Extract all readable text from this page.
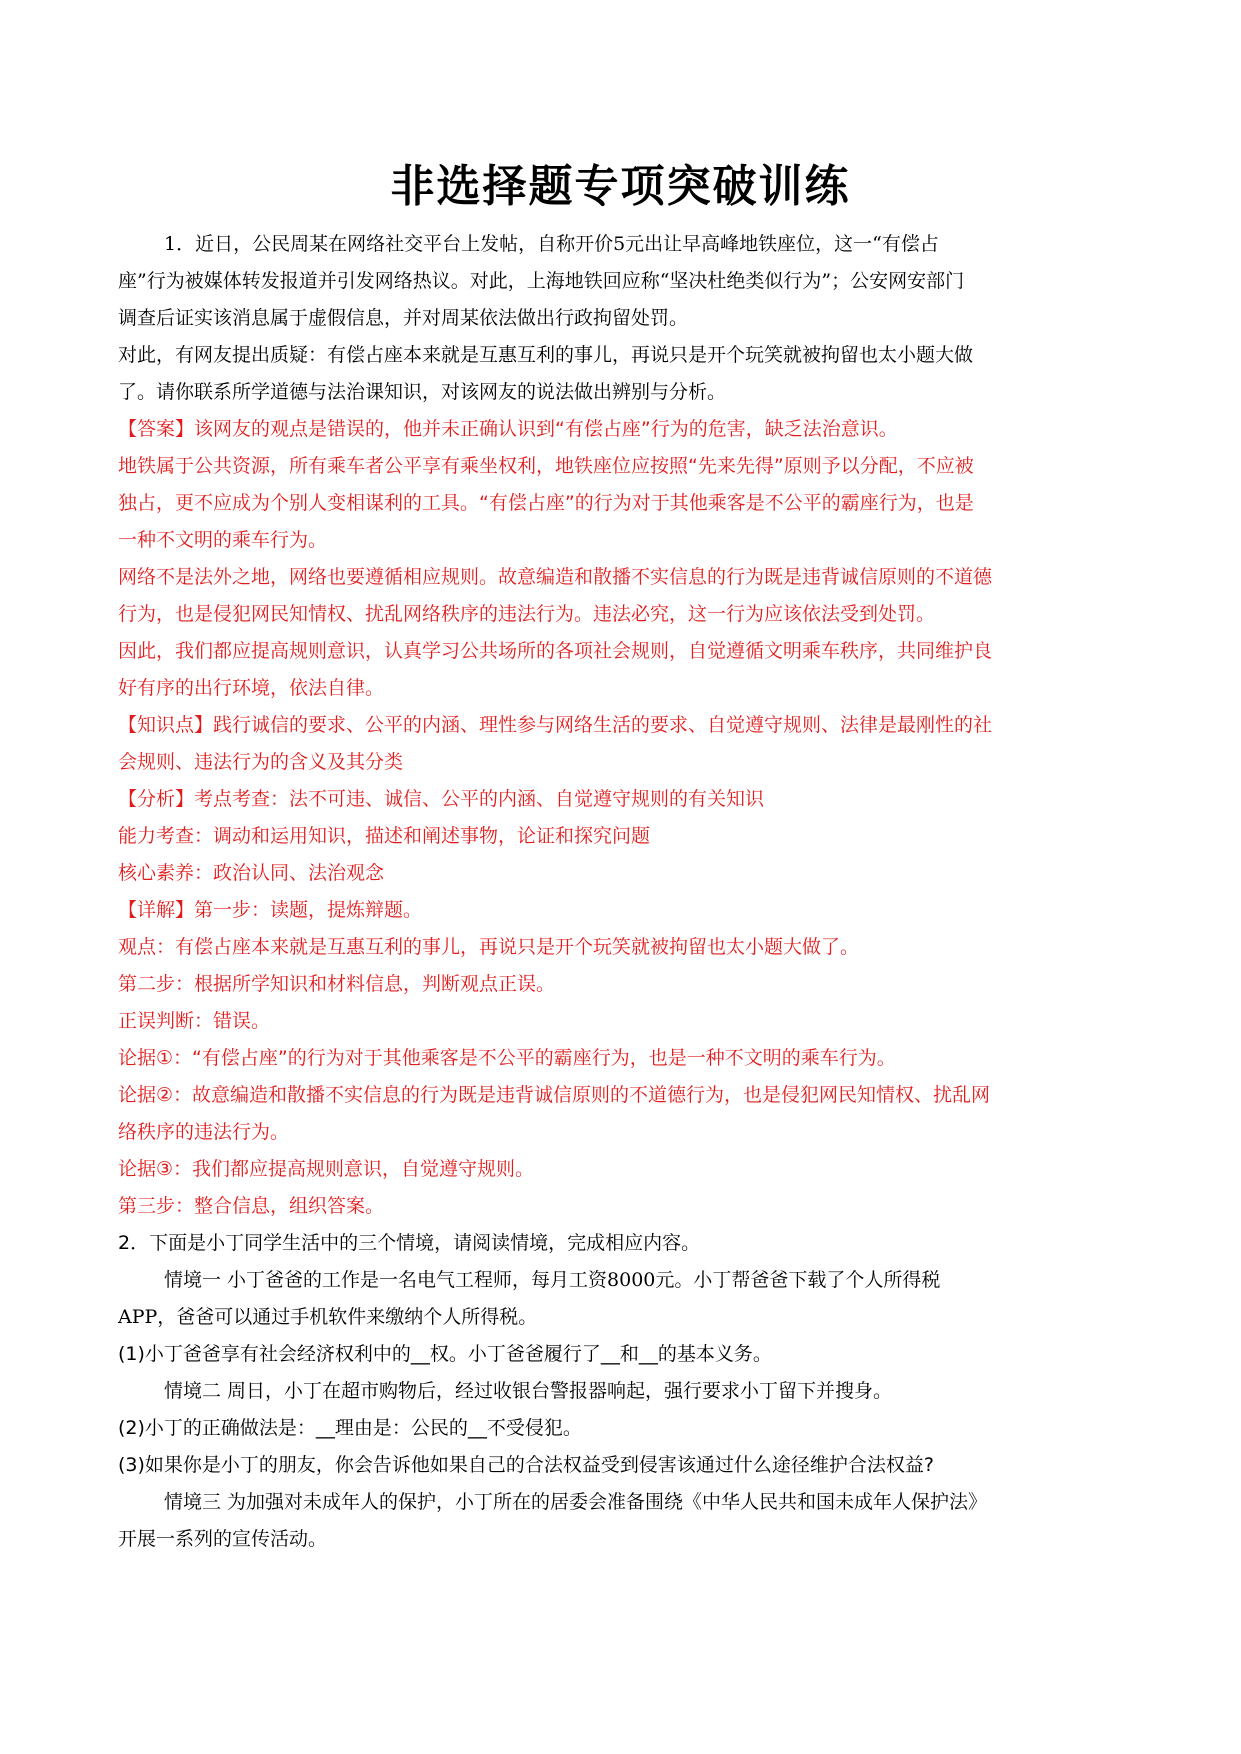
非选择题专项突破训练
1．近日，公民周某在网络社交平台上发帖，自称开价5元出让早高峰地铁座位，这一“有偿占
座”行为被媒体转发报道并引发网络热议。对此，上海地铁回应称“坚决杜绝类似行为”；公安网安部门
调查后证实该消息属于虚假信息，并对周某依法做出行政拘留处罚。
对此，有网友提出质疑：有偿占座本来就是互惠互利的事儿，再说只是开个玩笑就被拘留也太小题大做
了。请你联系所学道德与法治课知识，对该网友的说法做出辨别与分析。
【答案】该网友的观点是错误的，他并未正确认识到“有偿占座”行为的危害，缺乏法治意识。
地铁属于公共资源，所有乘车者公平享有乘坐权利，地铁座位应按照“先来先得”原则予以分配，不应被
独占，更不应成为个别人变相谋利的工具。“有偿占座”的行为对于其他乘客是不公平的霸座行为，也是
一种不文明的乘车行为。
网络不是法外之地，网络也要遵循相应规则。故意编造和散播不实信息的行为既是违背诚信原则的不道德
行为，也是侵犯网民知情权、扰乱网络秩序的违法行为。违法必究，这一行为应该依法受到处罚。
因此，我们都应提高规则意识，认真学习公共场所的各项社会规则，自觉遵循文明乘车秩序，共同维护良
好有序的出行环境，依法自律。
【知识点】践行诚信的要求、公平的内涵、理性参与网络生活的要求、自觉遵守规则、法律是最刚性的社
会规则、违法行为的含义及其分类
【分析】考点考查：法不可违、诚信、公平的内涵、自觉遵守规则的有关知识
能力考查：调动和运用知识，描述和阐述事物，论证和探究问题
核心素养：政治认同、法治观念
【详解】第一步：读题，提炼辩题。
观点：有偿占座本来就是互惠互利的事儿，再说只是开个玩笑就被拘留也太小题大做了。
第二步：根据所学知识和材料信息，判断观点正误。
正误判断：错误。
论据①：“有偿占座”的行为对于其他乘客是不公平的霸座行为，也是一种不文明的乘车行为。
论据②：故意编造和散播不实信息的行为既是违背诚信原则的不道德行为，也是侵犯网民知情权、扰乱网
络秩序的违法行为。
论据③：我们都应提高规则意识，自觉遵守规则。
第三步：整合信息，组织答案。
2．下面是小丁同学生活中的三个情境，请阅读情境，完成相应内容。
情境一 小丁爸爸的工作是一名电气工程师，每月工资8000元。小丁帮爸爸下载了个人所得税
APP，爸爸可以通过手机软件来缴纳个人所得税。
(1)小丁爸爸享有社会经济权利中的__权。小丁爸爸履行了__和__的基本义务。
情境二 周日，小丁在超市购物后，经过收银台警报器响起，强行要求小丁留下并搜身。
(2)小丁的正确做法是：__理由是：公民的__不受侵犯。
(3)如果你是小丁的朋友，你会告诉他如果自己的合法权益受到侵害该通过什么途径维护合法权益?
情境三 为加强对未成年人的保护，小丁所在的居委会准备围绕《中华人民共和国未成年人保护法》
开展一系列的宣传活动。
